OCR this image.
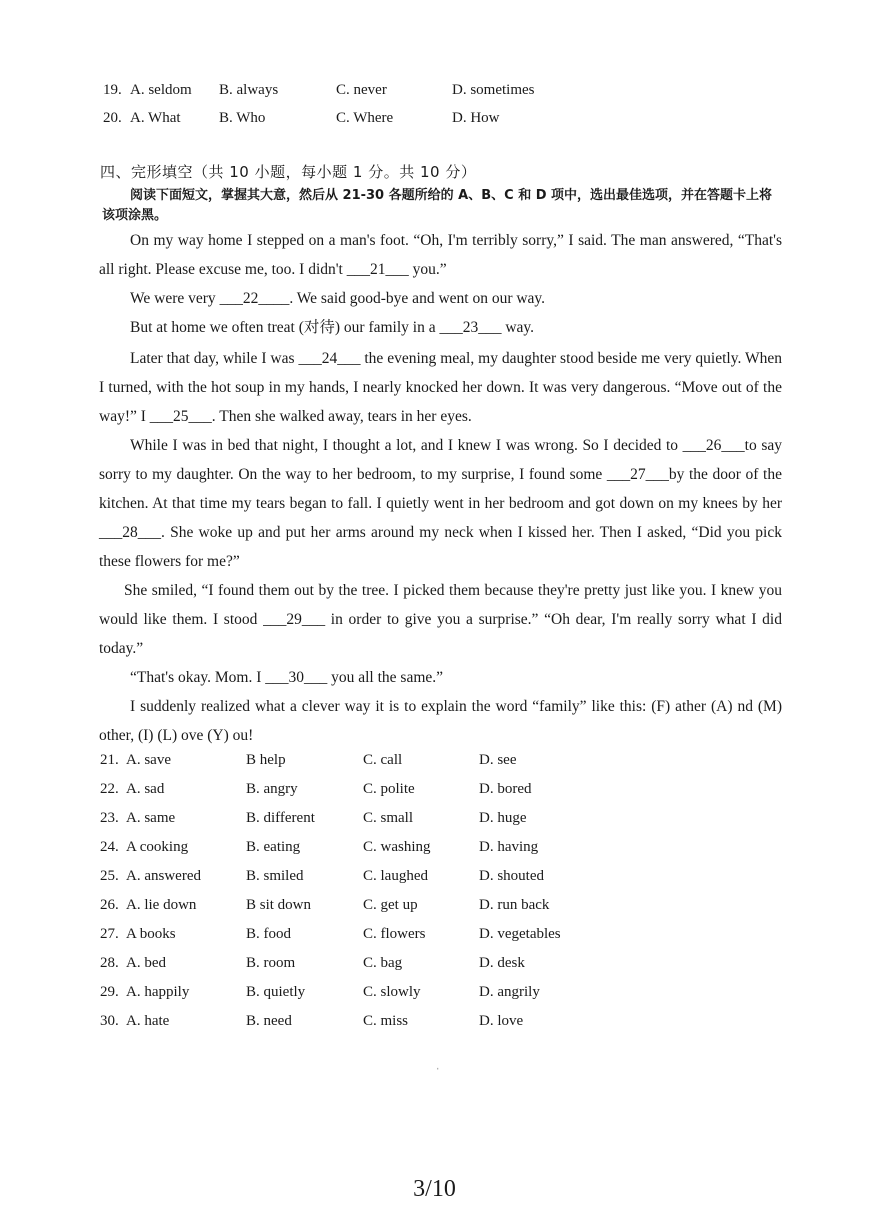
19. A. seldom B. always	C. never	D. sometimes
20. A. What	B. Who	C. Where	D. How
四、完形填空（共 10 小题，每小题 1 分。共 10 分）
阅读下面短文，掌握其大意，然后从 21-30 各题所给的 A、B、C 和 D 项中，选出最佳选项，并在答题卡上将该项涂黑。

On my way home I stepped on a man's foot. “Oh, I'm terribly sorry,” I said. The man answered, “That's all right. Please excuse me, too. I didn't ___21___ you.”

We were very ___22____. We said good-bye and went on our way.

But at home we often treat (对待) our family in a ___23___ way.

Later that day, while I was ___24___ the evening meal, my daughter stood beside me very quietly. When I turned, with the hot soup in my hands, I nearly knocked her down. It was very dangerous. “Move out of the way!” I ___25___. Then she walked away, tears in her eyes.

While I was in bed that night, I thought a lot, and I knew I was wrong. So I decided to ___26___to say sorry to my daughter. On the way to her bedroom, to my surprise, I found some ___27___by the door of the kitchen. At that time my tears began to fall. I quietly went in her bedroom and got down on my knees by her ___28___. She woke up and put her arms around my neck when I kissed her. Then I asked, “Did you pick these flowers for me?”

She smiled, “I found them out by the tree. I picked them because they're pretty just like you. I knew you would like them. I stood ___29___ in order to give you a surprise.” “Oh dear, I'm really sorry what I did today.”

“That's okay. Mom. I ___30___ you all the same.”

I suddenly realized what a clever way it is to explain the word “family” like this: (F) ather (A) nd (M) other, (I) (L) ove (Y) ou!

21. A. save	B help	C. call	D. see
22. A. sad	B. angry	C. polite	D. bored
23. A. same	B. different	C. small	D. huge
24. A cooking	B. eating	C. washing	D. having
25. A. answered	B. smiled	C. laughed	D. shouted
26. A. lie down	B sit down	C. get up	D. run back
27. A books	B. food	C. flowers	D. vegetables
28. A. bed	B. room	C. bag	D. desk
29. A. happily	B. quietly	C. slowly	D. angrily
30. A. hate	B. need	C. miss	D. love
ˌ
3/10
